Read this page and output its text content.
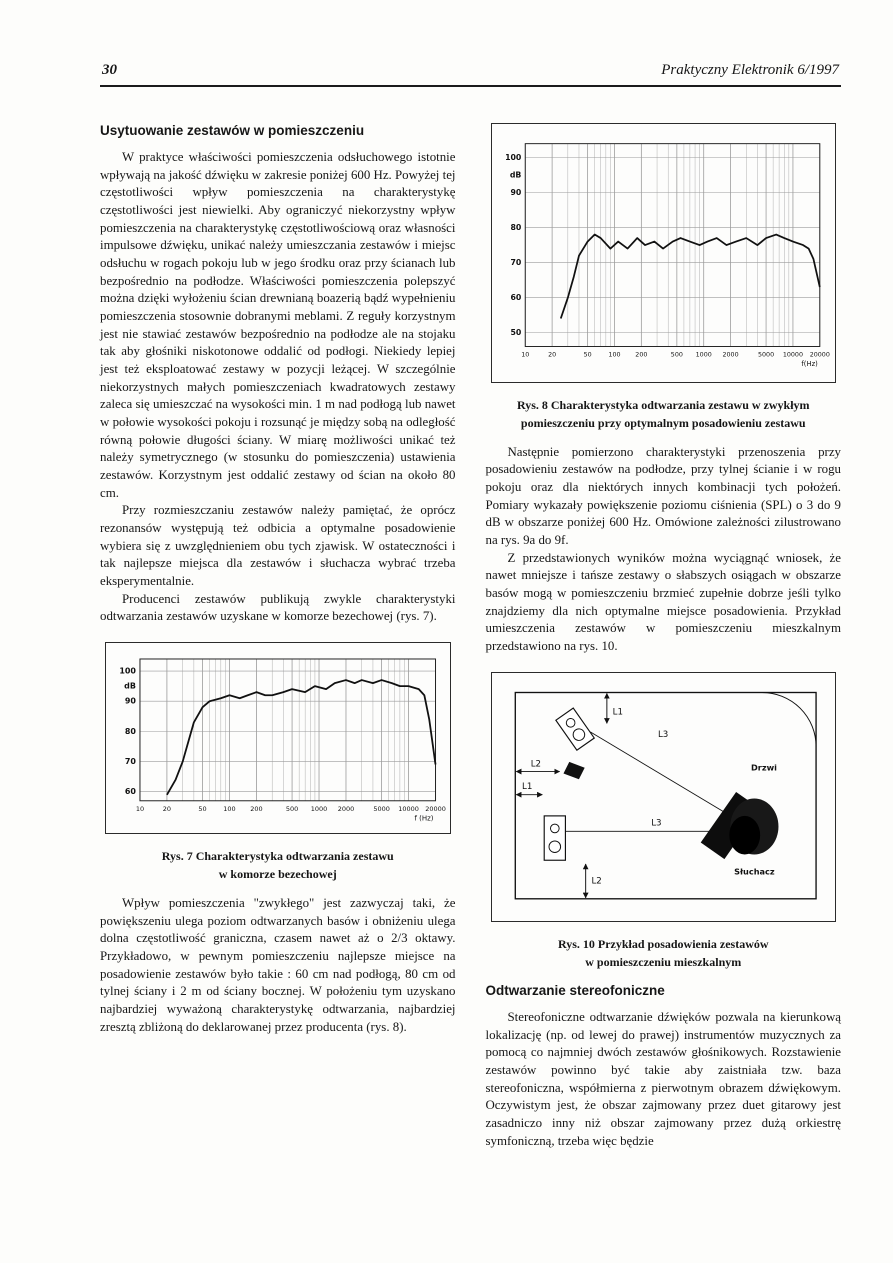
30	Praktyczny Elektronik 6/1997
Usytuowanie zestawów w pomieszczeniu

W praktyce właściwości pomieszczenia odsłuchowego istotnie wpływają na jakość dźwięku w zakresie poniżej 600 Hz. Powyżej tej częstotliwości wpływ pomieszczenia na charakterystykę częstotliwości jest niewielki. Aby ograniczyć niekorzystny wpływ pomieszczenia na charakterystykę częstotliwościową oraz własności impulsowe dźwięku, unikać należy umieszczania zestawów i miejsc odsłuchu w rogach pokoju lub w jego środku oraz przy ścianach lub bezpośrednio na podłodze. Właściwości pomieszczenia polepszyć można dzięki wyłożeniu ścian drewnianą boazerią bądź wypełnieniu pomieszczenia stosownie dobranymi meblami. Z reguły korzystnym jest nie stawiać zestawów bezpośrednio na podłodze ale na stojaku tak aby głośniki niskotonowe oddalić od podłogi. Niekiedy lepiej jest też eksploatować zestawy w pozycji leżącej. W szczególnie niekorzystnych małych pomieszczeniach kwadratowych zestawy zaleca się umieszczać na wysokości min. 1 m nad podłogą lub nawet w połowie wysokości pokoju i rozsunąć je między sobą na odległość równą połowie długości ściany. W miarę możliwości unikać też należy symetrycznego (w stosunku do pomieszczenia) ustawienia zestawów. Korzystnym jest oddalić zestawy od ścian na około 80 cm.

Przy rozmieszczaniu zestawów należy pamiętać, że oprócz rezonansów występują też odbicia a optymalne posadowienie wybiera się z uwzględnieniem obu tych zjawisk. W ostateczności i tak najlepsze miejsca dla zestawów i słuchacza wybrać trzeba eksperymentalnie.

Producenci zestawów publikują zwykle charakterystyki odtwarzania zestawów uzyskane w komorze bezechowej (rys. 7).

60
70
80
90
100
dB
10	20	50	100 200	500 1000 2000	5000 10000 20000
f (Hz)
Rys. 7 Charakterystyka odtwarzania zestawu
w komorze bezechowej

Wpływ pomieszczenia "zwykłego" jest zazwyczaj taki, że powiększeniu ulega poziom odtwarzanych basów i obniżeniu ulega dolna częstotliwość graniczna, czasem nawet aż o 2/3 oktawy. Przykładowo, w pewnym pomieszczeniu najlepsze miejsce na posadowienie zestawów było takie : 60 cm nad podłogą, 80 cm od tylnej ściany i 2 m od ściany bocznej. W położeniu tym uzyskano najbardziej wyważoną charakterystykę odtwarzania, najbardziej zresztą zbliżoną do deklarowanej przez producenta (rys. 8).

50
60
70
80
90
100
dB
10	20	50	100 200	500 1000 2000	5000 10000 20000
f(Hz)
Rys. 8 Charakterystyka odtwarzania zestawu w zwykłym
pomieszczeniu przy optymalnym posadowieniu zestawu

Następnie pomierzono charakterystyki przenoszenia przy posadowieniu zestawów na podłodze, przy tylnej ścianie i w rogu pokoju oraz dla niektórych innych kombinacji tych położeń. Pomiary wykazały powiększenie poziomu ciśnienia (SPL) o 3 do 9 dB w obszarze poniżej 600 Hz. Omówione zależności zilustrowano na rys. 9a do 9f.

Z przedstawionych wyników można wyciągnąć wniosek, że nawet mniejsze i tańsze zestawy o słabszych osiągach w obszarze basów mogą w pomieszczeniu brzmieć zupełnie dobrze jeśli tylko znajdziemy dla nich optymalne miejsce posadowienia. Przykład umieszczenia zestawów w pomieszczeniu mieszkalnym przedstawiono na rys. 10.

Drzwi
L1
L2
L1
L2
L3
L3
Słuchacz
Rys. 10 Przykład posadowienia zestawów
w pomieszczeniu mieszkalnym
Odtwarzanie stereofoniczne

Stereofoniczne odtwarzanie dźwięków pozwala na kierunkową lokalizację (np. od lewej do prawej) instrumentów muzycznych za pomocą co najmniej dwóch zestawów głośnikowych. Rozstawienie zestawów powinno być takie aby zaistniała tzw. baza stereofoniczna, współmierna z pierwotnym obrazem dźwiękowym. Oczywistym jest, że obszar zajmowany przez duet gitarowy jest zasadniczo inny niż obszar zajmowany przez dużą orkiestrę symfoniczną, trzeba więc będzie
